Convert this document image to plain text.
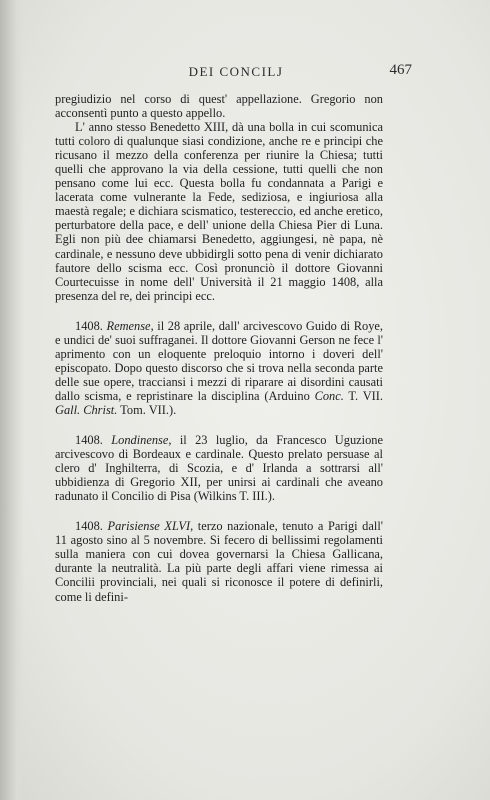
DEI CONCILJ	467

pregiudizio nel corso di quest' appellazione. Gregorio non acconsentì punto a questo appello.

L' anno stesso Benedetto XIII, dà una bolla in cui scomunica tutti coloro di qualunque siasi condizione, anche re e principi che ricusano il mezzo della conferenza per riunire la Chiesa; tutti quelli che approvano la via della cessione, tutti quelli che non pensano come lui ecc. Questa bolla fu condannata a Parigi e lacerata come vulnerante la Fede, sediziosa, e ingiuriosa alla maestà regale; e dichiara scismatico, testereccio, ed anche eretico, perturbatore della pace, e dell' unione della Chiesa Pier di Luna. Egli non più dee chiamarsi Benedetto, aggiungesi, nè papa, nè cardinale, e nessuno deve ubbidirgli sotto pena di venir dichiarato fautore dello scisma ecc. Così pronunciò il dottore Giovanni Courtecuisse in nome dell' Università il 21 maggio 1408, alla presenza del re, dei principi ecc.

1408. Remense, il 28 aprile, dall' arcivescovo Guido di Roye, e undici de' suoi suffraganei. Il dottore Giovanni Gerson ne fece l' aprimento con un eloquente preloquio intorno i doveri dell' episcopato. Dopo questo discorso che si trova nella seconda parte delle sue opere, tracciansi i mezzi di riparare ai disordini causati dallo scisma, e repristinare la disciplina (Arduino Conc. T. VII. Gall. Christ. Tom. VII.).

1408. Londinense, il 23 luglio, da Francesco Uguzione arcivescovo di Bordeaux e cardinale. Questo prelato persuase al clero d' Inghilterra, di Scozia, e d' Irlanda a sottrarsi all' ubbidienza di Gregorio XII, per unirsi ai cardinali che aveano radunato il Concilio di Pisa (Wilkins T. III.).

1408. Parisiense XLVI, terzo nazionale, tenuto a Parigi dall' 11 agosto sino al 5 novembre. Si fecero di bellissimi regolamenti sulla maniera con cui dovea governarsi la Chiesa Gallicana, durante la neutralità. La più parte degli affari viene rimessa ai Concilii provinciali, nei quali si riconosce il potere di definirli, come li defini-
